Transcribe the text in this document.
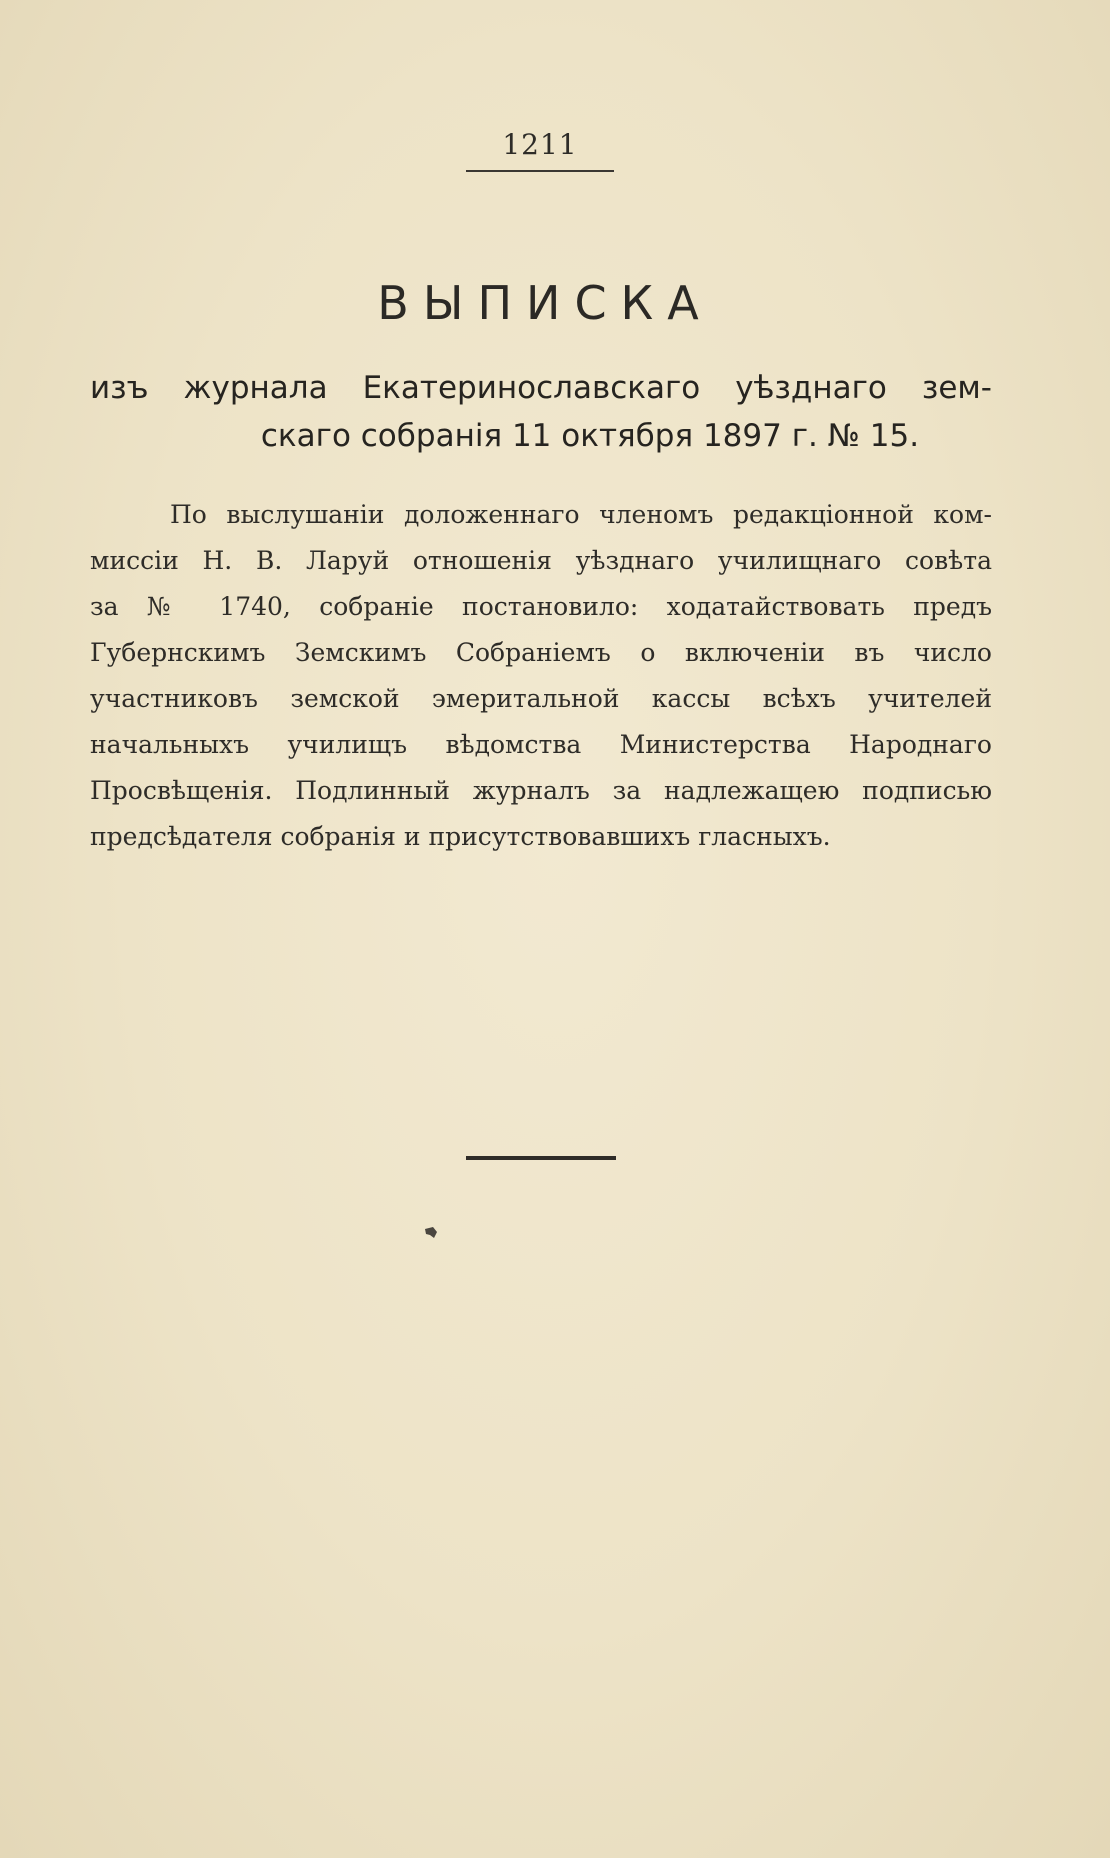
1211
ВЫПИСКА
изъ журнала Екатеринославскаго уѣзднаго зем-
скаго собранія 11 октября 1897 г. № 15.
По выслушаніи доложеннаго членомъ редакціонной ком-
миссіи Н. В. Ларуй отношенія уѣзднаго училищнаго совѣта
за № 1740, собраніе постановило: ходатайствовать предъ
Губернскимъ Земскимъ Собраніемъ о включеніи въ число
участниковъ земской эмеритальной кассы всѣхъ учителей
начальныхъ училищъ вѣдомства Министерства Народнаго
Просвѣщенія. Подлинный журналъ за надлежащею подписью
предсѣдателя собранія и присутствовавшихъ гласныхъ.
